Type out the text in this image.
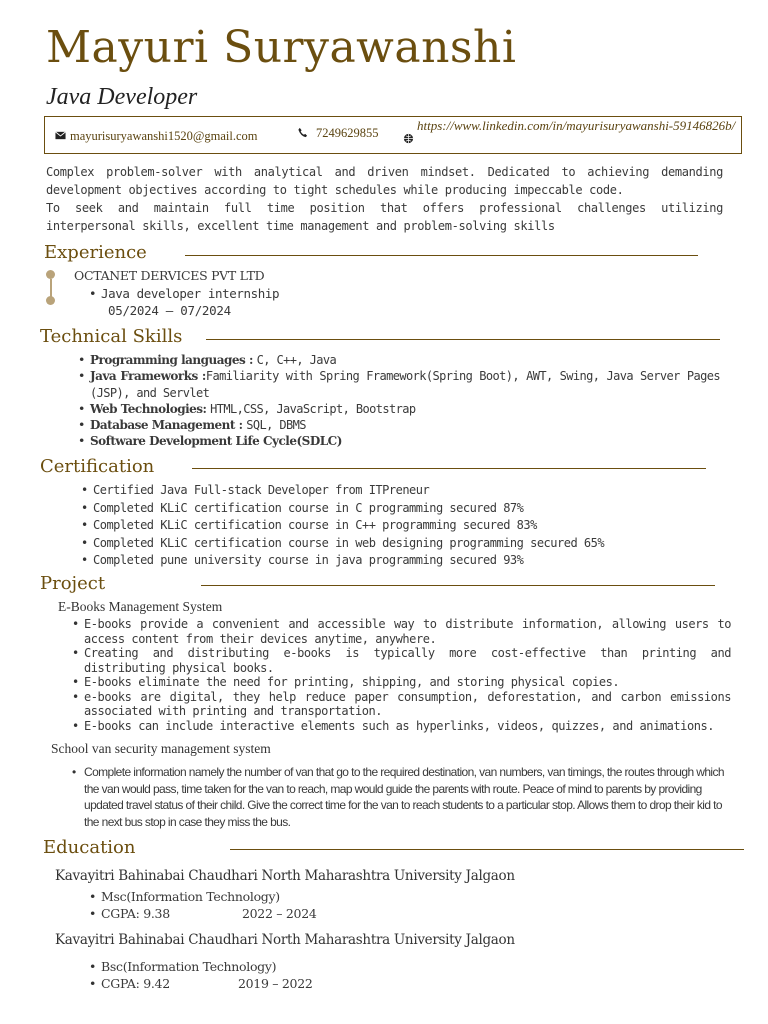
Mayuri Suryawanshi
Java Developer
mayurisuryawanshi1520@gmail.com	7249629855	https://www.linkedin.com/in/mayurisuryawanshi-59146826b/

Complex problem-solver with analytical and driven mindset. Dedicated to achieving demanding development objectives according to tight schedules while producing impeccable code.

To seek and maintain full time position that offers professional challenges utilizing interpersonal skills, excellent time management and problem-solving skills

Experience
OCTANET DERVICES PVT LTD
• Java developer internship
05/2024 – 07/2024
Technical Skills
• Programming languages : C, C++, Java
• Java Frameworks :Familiarity with Spring Framework(Spring Boot), AWT, Swing, Java Server Pages (JSP), and Servlet
• Web Technologies: HTML,CSS, JavaScript, Bootstrap
• Database Management : SQL, DBMS
• Software Development Life Cycle(SDLC)
Certification
• Certified Java Full-stack Developer from ITPreneur
• Completed KLiC certification course in C programming secured 87%
• Completed KLiC certification course in C++ programming secured 83%
• Completed KLiC certification course in web designing programming secured 65%
• Completed pune university course in java programming secured 93%
Project
E-Books Management System
• E-books provide a convenient and accessible way to distribute information, allowing users to access content from their devices anytime, anywhere.
• Creating and distributing e-books is typically more cost-effective than printing and distributing physical books.
• E-books eliminate the need for printing, shipping, and storing physical copies.
• e-books are digital, they help reduce paper consumption, deforestation, and carbon emissions associated with printing and transportation.
• E-books can include interactive elements such as hyperlinks, videos, quizzes, and animations.
School van security management system
• Complete information namely the number of van that go to the required destination, van numbers, van timings, the routes through which the van would pass, time taken for the van to reach, map would guide the parents with route. Peace of mind to parents by providing updated travel status of their child. Give the correct time for the van to reach students to a particular stop. Allows them to drop their kid to the next bus stop in case they miss the bus.
Education
Kavayitri Bahinabai Chaudhari North Maharashtra University Jalgaon
• Msc(Information Technology)
• CGPA: 9.38	2022 – 2024
Kavayitri Bahinabai Chaudhari North Maharashtra University Jalgaon
• Bsc(Information Technology)
• CGPA: 9.42	2019 – 2022
